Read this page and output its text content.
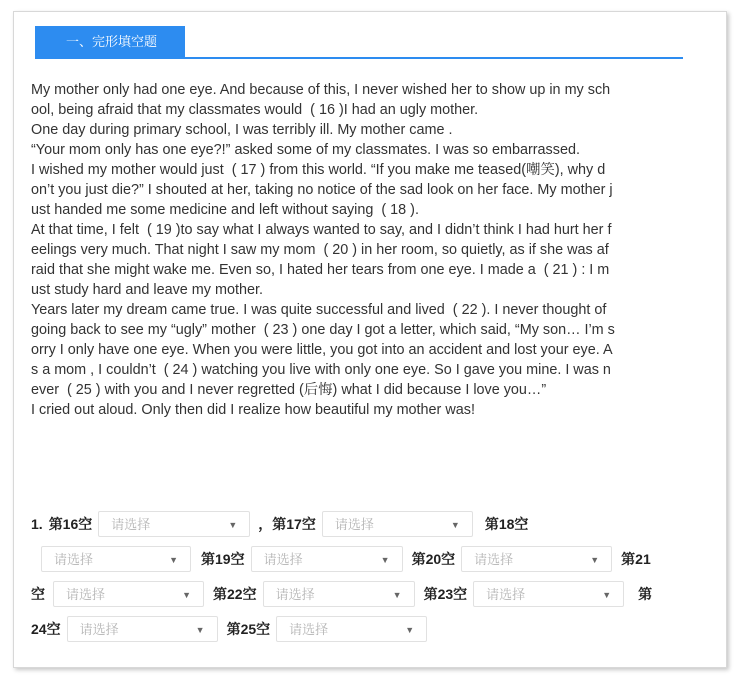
一、完形填空题

My mother only had one eye. And because of this, I never wished her to show up in my sch

ool, being afraid that my classmates would  ( 16 )I had an ugly mother.

One day during primary school, I was terribly ill. My mother came .

“Your mom only has one eye?!” asked some of my classmates. I was so embarrassed.

I wished my mother would just  ( 17 ) from this world. “If you make me teased(嘲笑), why d

on’t you just die?” I shouted at her, taking no notice of the sad look on her face. My mother j

ust handed me some medicine and left without saying  ( 18 ).

At that time, I felt  ( 19 )to say what I always wanted to say, and I didn’t think I had hurt her f

eelings very much. That night I saw my mom  ( 20 ) in her room, so quietly, as if she was af

raid that she might wake me. Even so, I hated her tears from one eye. I made a  ( 21 ) : I m

ust study hard and leave my mother.

Years later my dream came true. I was quite successful and lived  ( 22 ). I never thought of

going back to see my “ugly” mother  ( 23 ) one day I got a letter, which said, “My son… I’m s

orry I only have one eye. When you were little, you got into an accident and lost your eye. A

s a mom , I couldn’t  ( 24 ) watching you live with only one eye. So I gave you mine. I was n

ever  ( 25 ) with you and I never regretted (后悔) what I did because I love you…”

I cried out aloud. Only then did I realize how beautiful my mother was!

1. 第16空	请选择	▼ ， 第17空	请选择	▼ 第18空
请选择	▼ 第19空	请选择	▼ 第20空	请选择	▼ 第21
空	请选择	▼ 第22空	请选择	▼ 第23空	请选择	▼ 第
24空	请选择	▼ 第25空	请选择	▼
